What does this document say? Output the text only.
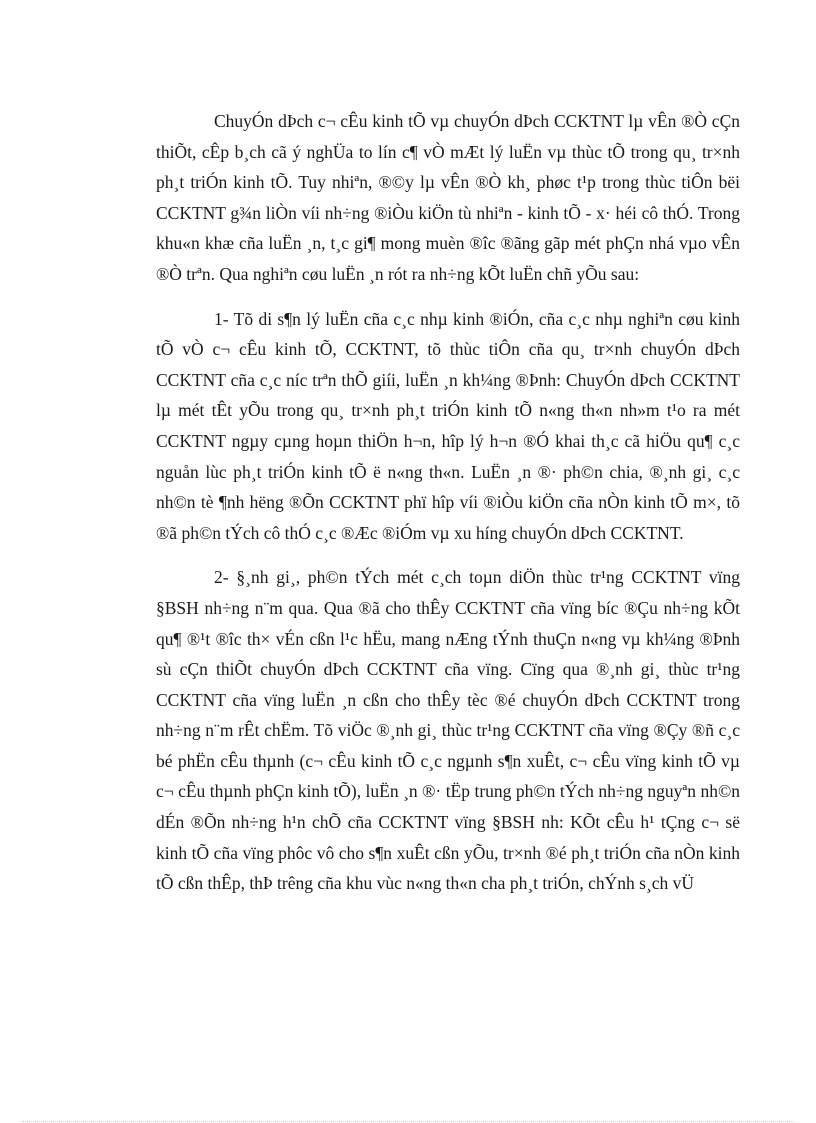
ChuyÓn dÞch c¬ cÊu kinh tÕ vµ chuyÓn dÞch CCKTNT lµ vÊn ®Ò cÇn thiÕt, cÊp b¸ch cã ý nghÜa to lín c¶ vÒ mÆt lý luËn vµ thùc tÕ trong qu¸ tr×nh ph¸t triÓn kinh tÕ. Tuy nhiªn, ®©y lµ vÊn ®Ò kh¸ phøc t¹p trong thùc tiÔn bëi CCKTNT g¾n liÒn víi nh÷ng ®iÒu kiÖn tù nhiªn - kinh tÕ - x· héi cô thÓ. Trong khu«n khæ cña luËn ¸n, t¸c gi¶ mong muèn ®îc ®ãng gãp mét phÇn nhá vµo vÊn ®Ò trªn. Qua nghiªn cøu luËn ¸n rót ra nh÷ng kÕt luËn chñ yÕu sau:

1- Tõ di s¶n lý luËn cña c¸c nhµ kinh ®iÓn, cña c¸c nhµ nghiªn cøu kinh tÕ vÒ c¬ cÊu kinh tÕ, CCKTNT, tõ thùc tiÔn cña qu¸ tr×nh chuyÓn dÞch CCKTNT cña c¸c níc trªn thÕ giíi, luËn ¸n kh¼ng ®Þnh: ChuyÓn dÞch CCKTNT lµ mét tÊt yÕu trong qu¸ tr×nh ph¸t triÓn kinh tÕ n«ng th«n nh»m t¹o ra mét CCKTNT ngµy cµng hoµn thiÖn h¬n, hîp lý h¬n ®Ó khai th¸c cã hiÖu qu¶ c¸c nguån lùc ph¸t triÓn kinh tÕ ë n«ng th«n. LuËn ¸n ®· ph©n chia, ®¸nh gi¸ c¸c nh©n tè ¶nh hëng ®Õn CCKTNT phï hîp víi ®iÒu kiÖn cña nÒn kinh tÕ m×, tõ ®ã ph©n tÝch cô thÓ c¸c ®Æc ®iÓm vµ xu híng chuyÓn dÞch CCKTNT.

2- §¸nh gi¸, ph©n tÝch mét c¸ch toµn diÖn thùc tr¹ng CCKTNT vïng §BSH nh÷ng n¨m qua. Qua ®ã cho thÊy CCKTNT cña vïng bíc ®Çu nh÷ng kÕt qu¶ ®¹t ®îc th× vÉn cßn l¹c hËu, mang nÆng tÝnh thuÇn n«ng vµ kh¼ng ®Þnh sù cÇn thiÕt chuyÓn dÞch CCKTNT cña vïng. Cïng qua ®¸nh gi¸ thùc tr¹ng CCKTNT cña vïng luËn ¸n cßn cho thÊy tèc ®é chuyÓn dÞch CCKTNT trong nh÷ng n¨m rÊt chËm. Tõ viÖc ®¸nh gi¸ thùc tr¹ng CCKTNT cña vïng ®Çy ®ñ c¸c bé phËn cÊu thµnh (c¬ cÊu kinh tÕ c¸c ngµnh s¶n xuÊt, c¬ cÊu vïng kinh tÕ vµ c¬ cÊu thµnh phÇn kinh tÕ), luËn ¸n ®· tËp trung ph©n tÝch nh÷ng nguyªn nh©n dÉn ®Õn nh÷ng h¹n chÕ cña CCKTNT vïng §BSH nh: KÕt cÊu h¹ tÇng c¬ së kinh tÕ cña vïng phôc vô cho s¶n xuÊt cßn yÕu, tr×nh ®é ph¸t triÓn cña nÒn kinh tÕ cßn thÊp, thÞ trêng cña khu vùc n«ng th«n cha ph¸t triÓn, chÝnh s¸ch vÜ
